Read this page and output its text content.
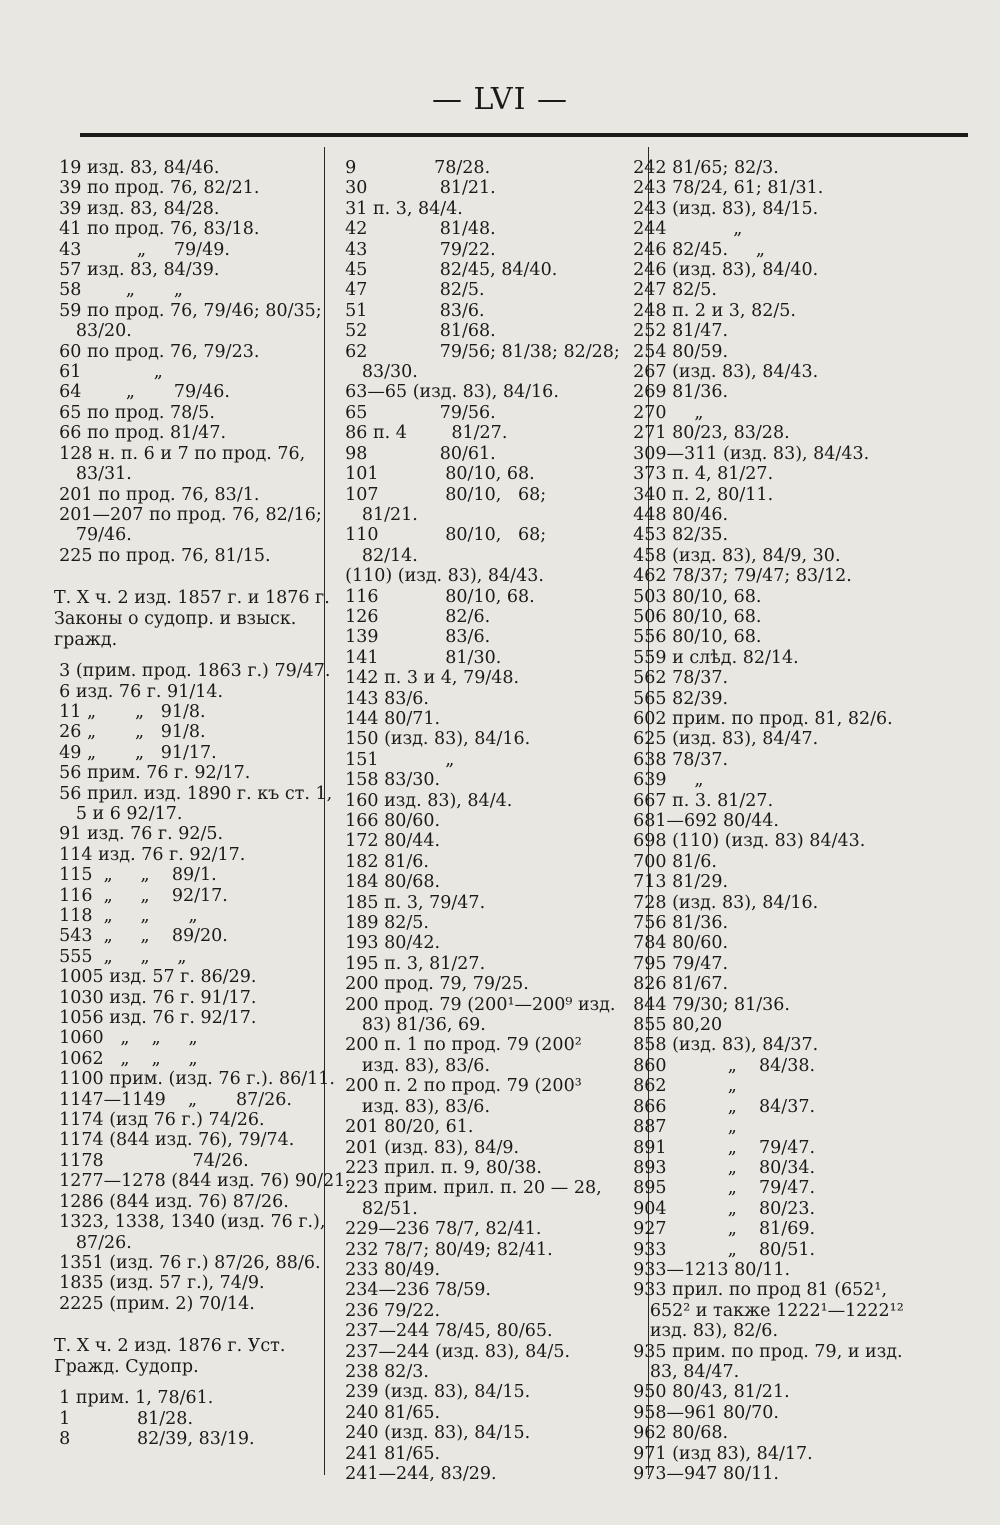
— LVI —
19 изд. 83, 84/46.
39 по прод. 76, 82/21.
39 изд. 83, 84/28.
41 по прод. 76, 83/18.
43          „     79/49.
57 изд. 83, 84/39.
58        „       „
59 по прод. 76, 79/46; 80/35;
83/20.
60 по прод. 76, 79/23.
61             „
64        „       79/46.
65 по прод. 78/5.
66 по прод. 81/47.
128 н. п. 6 и 7 по прод. 76,
83/31.
201 по прод. 76, 83/1.
201—207 по прод. 76, 82/16;
79/46.
225 по прод. 76, 81/15.
Т. X ч. 2 изд. 1857 г. и 1876 г. Законы о судопр. и взыск. гражд.
3 (прим. прод. 1863 г.) 79/47.
6 изд. 76 г. 91/14.
11 „       „   91/8.
26 „       „   91/8.
49 „       „   91/17.
56 прим. 76 г. 92/17.
56 прил. изд. 1890 г. къ ст. 1,
5 и 6 92/17.
91 изд. 76 г. 92/5.
114 изд. 76 г. 92/17.
115  „     „    89/1.
116  „     „    92/17.
118  „     „       „
543  „     „    89/20.
555  „     „     „
1005 изд. 57 г. 86/29.
1030 изд. 76 г. 91/17.
1056 изд. 76 г. 92/17.
1060   „    „     „
1062   „    „     „
1100 прим. (изд. 76 г.). 86/11.
1147—1149    „       87/26.
1174 (изд 76 г.) 74/26.
1174 (844 изд. 76), 79/74.
1178                74/26.
1277—1278 (844 изд. 76) 90/21.
1286 (844 изд. 76) 87/26.
1323, 1338, 1340 (изд. 76 г.),
87/26.
1351 (изд. 76 г.) 87/26, 88/6.
1835 (изд. 57 г.), 74/9.
2225 (прим. 2) 70/14.
Т. X ч. 2 изд. 1876 г. Уст. Гражд. Судопр.
1 прим. 1, 78/61.
1            81/28.
8            82/39, 83/19.
9              78/28.
30             81/21.
31 п. 3, 84/4.
42             81/48.
43             79/22.
45             82/45, 84/40.
47             82/5.
51             83/6.
52             81/68.
62             79/56; 81/38; 82/28;
83/30.
63—65 (изд. 83), 84/16.
65             79/56.
86 п. 4        81/27.
98             80/61.
101            80/10, 68.
107            80/10,   68;
81/21.
110            80/10,   68;
82/14.
(110) (изд. 83), 84/43.
116            80/10, 68.
126            82/6.
139            83/6.
141            81/30.
142 п. 3 и 4, 79/48.
143 83/6.
144 80/71.
150 (изд. 83), 84/16.
151            „
158 83/30.
160 изд. 83), 84/4.
166 80/60.
172 80/44.
182 81/6.
184 80/68.
185 п. 3, 79/47.
189 82/5.
193 80/42.
195 п. 3, 81/27.
200 прод. 79, 79/25.
200 прод. 79 (200¹—200⁹ изд.
83) 81/36, 69.
200 п. 1 по прод. 79 (200²
изд. 83), 83/6.
200 п. 2 по прод. 79 (200³
изд. 83), 83/6.
201 80/20, 61.
201 (изд. 83), 84/9.
223 прил. п. 9, 80/38.
223 прим. прил. п. 20 — 28,
82/51.
229—236 78/7, 82/41.
232 78/7; 80/49; 82/41.
233 80/49.
234—236 78/59.
236 79/22.
237—244 78/45, 80/65.
237—244 (изд. 83), 84/5.
238 82/3.
239 (изд. 83), 84/15.
240 81/65.
240 (изд. 83), 84/15.
241 81/65.
241—244, 83/29.
242 81/65; 82/3.
243 78/24, 61; 81/31.
243 (изд. 83), 84/15.
244            „
246 82/45.     „
246 (изд. 83), 84/40.
247 82/5.
248 п. 2 и 3, 82/5.
252 81/47.
254 80/59.
267 (изд. 83), 84/43.
269 81/36.
270     „
271 80/23, 83/28.
309—311 (изд. 83), 84/43.
373 п. 4, 81/27.
340 п. 2, 80/11.
448 80/46.
453 82/35.
458 (изд. 83), 84/9, 30.
462 78/37; 79/47; 83/12.
503 80/10, 68.
506 80/10, 68.
556 80/10, 68.
559 и слѣд. 82/14.
562 78/37.
565 82/39.
602 прим. по прод. 81, 82/6.
625 (изд. 83), 84/47.
638 78/37.
639     „
667 п. 3. 81/27.
681—692 80/44.
698 (110) (изд. 83) 84/43.
700 81/6.
713 81/29.
728 (изд. 83), 84/16.
756 81/36.
784 80/60.
795 79/47.
826 81/67.
844 79/30; 81/36.
855 80,20
858 (изд. 83), 84/37.
860           „    84/38.
862           „
866           „    84/37.
887           „
891           „    79/47.
893           „    80/34.
895           „    79/47.
904           „    80/23.
927           „    81/69.
933           „    80/51.
933—1213 80/11.
933 прил. по прод 81 (652¹,
652² и также 1222¹—1222¹²
изд. 83), 82/6.
935 прим. по прод. 79, и изд.
83, 84/47.
950 80/43, 81/21.
958—961 80/70.
962 80/68.
971 (изд 83), 84/17.
973—947 80/11.
